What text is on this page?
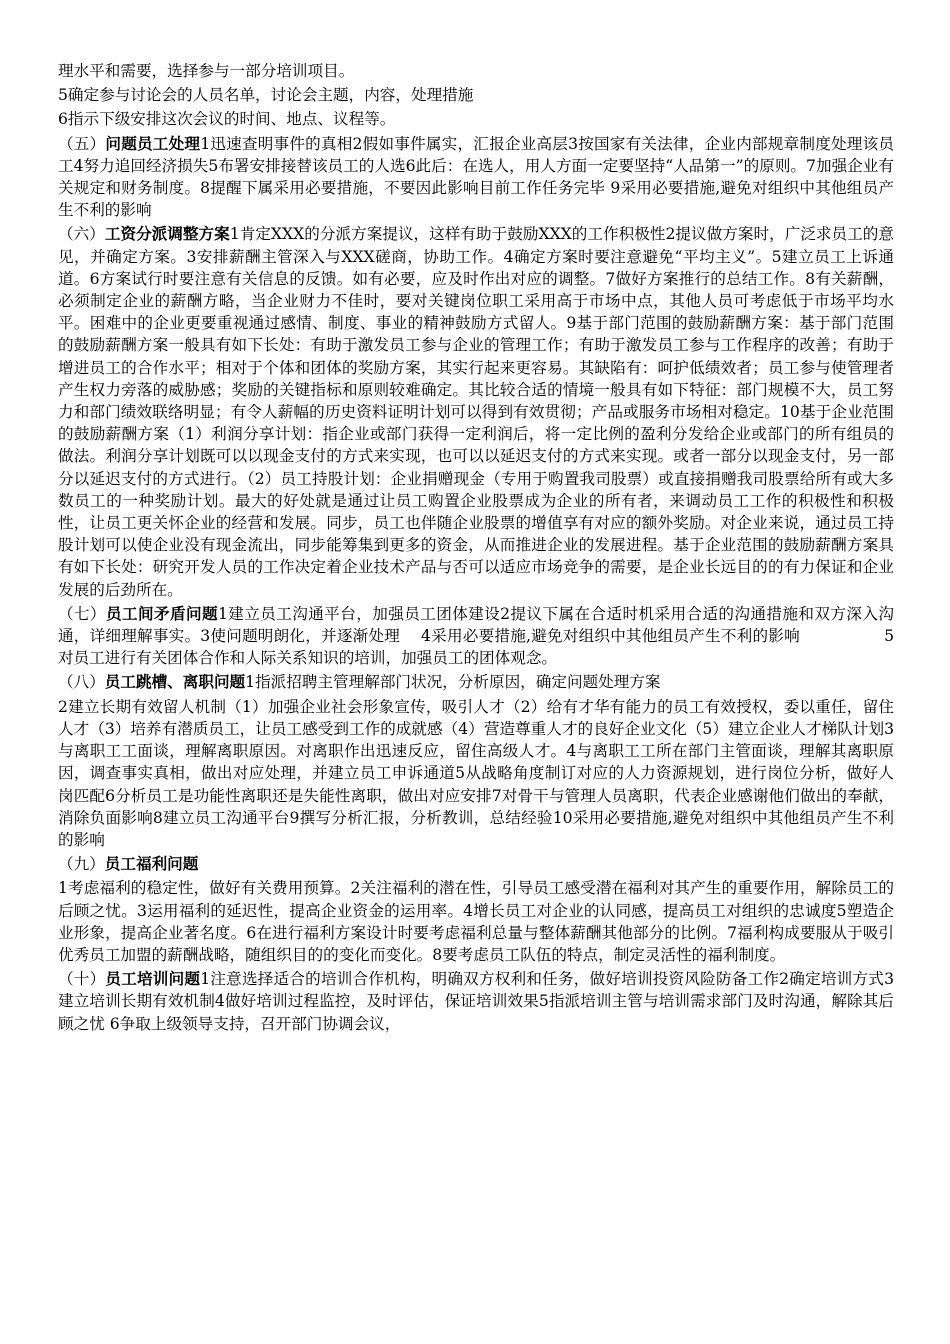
理水平和需要，选择参与一部分培训项目。

5确定参与讨论会的人员名单，讨论会主题，内容，处理措施

6指示下级安排这次会议的时间、地点、议程等。

（五）问题员工处理1迅速查明事件的真相2假如事件属实，汇报企业高层3按国家有关法律，企业内部规章制度处理该员工4努力追回经济损失5布署安排接替该员工的人选6此后：在选人，用人方面一定要坚持“人品第一”的原则。7加强企业有关规定和财务制度。8提醒下属采用必要措施，不要因此影响目前工作任务完毕 9采用必要措施,避免对组织中其他组员产生不利的影响

（六）工资分派调整方案1肯定XXX的分派方案提议，这样有助于鼓励XXX的工作积极性2提议做方案时，广泛求员工的意见，并确定方案。3安排薪酬主管深入与XXX磋商，协助工作。4确定方案时要注意避免“平均主义”。5建立员工上诉通道。6方案试行时要注意有关信息的反馈。如有必要，应及时作出对应的调整。7做好方案推行的总结工作。8有关薪酬，必须制定企业的薪酬方略，当企业财力不佳时，要对关键岗位职工采用高于市场中点，其他人员可考虑低于市场平均水平。困难中的企业更要重视通过感情、制度、事业的精神鼓励方式留人。9基于部门范围的鼓励薪酬方案：基于部门范围的鼓励薪酬方案一般具有如下长处：有助于激发员工参与企业的管理工作；有助于激发员工参与工作程序的改善；有助于增进员工的合作水平；相对于个体和团体的奖励方案，其实行起来更容易。其缺陷有：呵护低绩效者；员工参与使管理者产生权力旁落的威胁感；奖励的关键指标和原则较难确定。其比较合适的情境一般具有如下特征：部门规模不大，员工努力和部门绩效联络明显；有令人薪幅的历史资料证明计划可以得到有效贯彻；产品或服务市场相对稳定。10基于企业范围的鼓励薪酬方案（1）利润分享计划：指企业或部门获得一定利润后，将一定比例的盈利分发给企业或部门的所有组员的做法。利润分享计划既可以以现金支付的方式来实现，也可以以延迟支付的方式来实现。或者一部分以现金支付，另一部分以延迟支付的方式进行。（2）员工持股计划：企业捐赠现金（专用于购置我司股票）或直接捐赠我司股票给所有或大多数员工的一种奖励计划。最大的好处就是通过让员工购置企业股票成为企业的所有者，来调动员工工作的积极性和积极性，让员工更关怀企业的经营和发展。同步，员工也伴随企业股票的增值享有对应的额外奖励。对企业来说，通过员工持股计划可以使企业没有现金流出，同步能筹集到更多的资金，从而推进企业的发展进程。基于企业范围的鼓励薪酬方案具有如下长处：研究开发人员的工作决定着企业技术产品与否可以适应市场竞争的需要，是企业长远目的的有力保证和企业发展的后劲所在。

（七）员工间矛盾问题1建立员工沟通平台，加强员工团体建设2提议下属在合适时机采用合适的沟通措施和双方深入沟通，详细理解事实。3使问题明朗化，并逐渐处理　 4采用必要措施,避免对组织中其他组员产生不利的影响　　　　　 5对员工进行有关团体合作和人际关系知识的培训，加强员工的团体观念。

（八）员工跳槽、离职问题1指派招聘主管理解部门状况，分析原因，确定问题处理方案

2建立长期有效留人机制（1）加强企业社会形象宣传，吸引人才（2）给有才华有能力的员工有效授权，委以重任，留住人才（3）培养有潜质员工，让员工感受到工作的成就感（4）营造尊重人才的良好企业文化（5）建立企业人才梯队计划3与离职工工面谈，理解离职原因。对离职作出迅速反应，留住高级人才。4与离职工工所在部门主管面谈，理解其离职原因，调查事实真相，做出对应处理，并建立员工申诉通道5从战略角度制订对应的人力资源规划，进行岗位分析，做好人岗匹配6分析员工是功能性离职还是失能性离职，做出对应安排7对骨干与管理人员离职，代表企业感谢他们做出的奉献，消除负面影响8建立员工沟通平台9撰写分析汇报，分析教训，总结经验10采用必要措施,避免对组织中其他组员产生不利的影响

（九）员工福利问题

1考虑福利的稳定性，做好有关费用预算。2关注福利的潜在性，引导员工感受潜在福利对其产生的重要作用，解除员工的后顾之忧。3运用福利的延迟性，提高企业资金的运用率。4增长员工对企业的认同感，提高员工对组织的忠诚度5塑造企业形象，提高企业著名度。6在进行福利方案设计时要考虑福利总量与整体薪酬其他部分的比例。7福利构成要服从于吸引优秀员工加盟的薪酬战略，随组织目的的变化而变化。8要考虑员工队伍的特点，制定灵活性的福利制度。

（十）员工培训问题1注意选择适合的培训合作机构，明确双方权利和任务，做好培训投资风险防备工作2确定培训方式3建立培训长期有效机制4做好培训过程监控，及时评估，保证培训效果5指派培训主管与培训需求部门及时沟通，解除其后顾之忧 6争取上级领导支持，召开部门协调会议，
